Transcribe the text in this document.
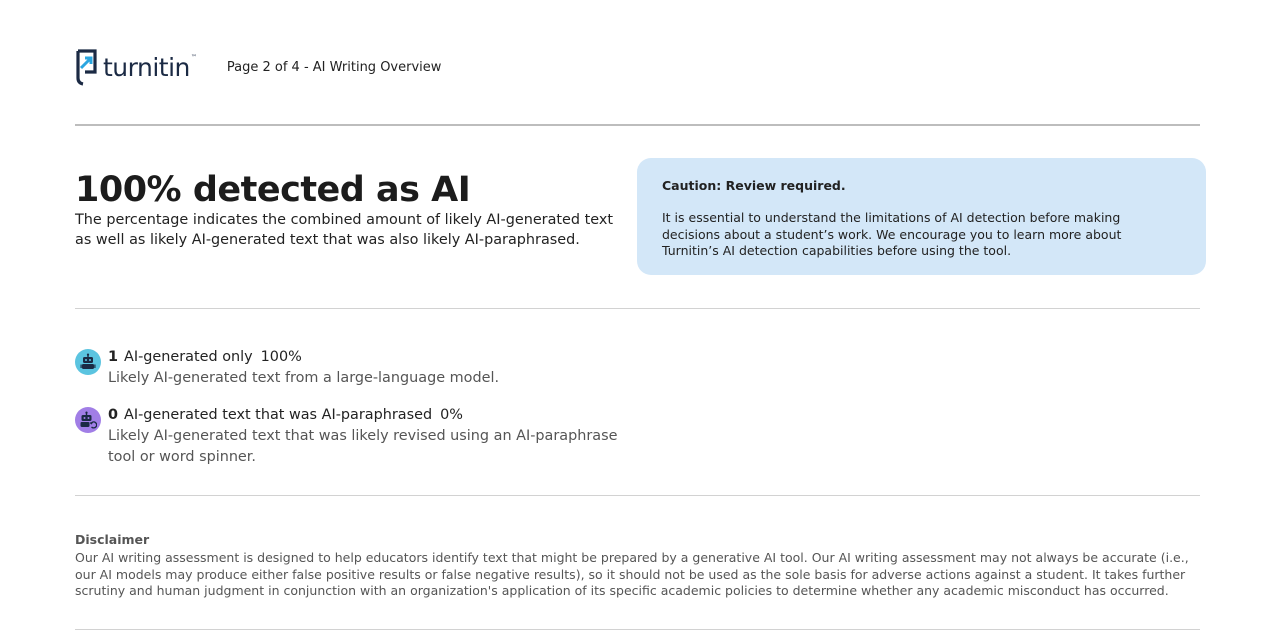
turnitin ™
Page 2 of 4 - AI Writing Overview
100% detected as AI
The percentage indicates the combined amount of likely AI-generated text as well as likely AI-generated text that was also likely AI-paraphrased.
Caution: Review required.
It is essential to understand the limitations of AI detection before making decisions about a student’s work. We encourage you to learn more about Turnitin’s AI detection capabilities before using the tool.
1 AI-generated only 100%
Likely AI-generated text from a large-language model.
0 AI-generated text that was AI-paraphrased 0%
Likely AI-generated text that was likely revised using an AI-paraphrase tool or word spinner.
Disclaimer
Our AI writing assessment is designed to help educators identify text that might be prepared by a generative AI tool. Our AI writing assessment may not always be accurate (i.e., our AI models may produce either false positive results or false negative results), so it should not be used as the sole basis for adverse actions against a student. It takes further scrutiny and human judgment in conjunction with an organization's application of its specific academic policies to determine whether any academic misconduct has occurred.
